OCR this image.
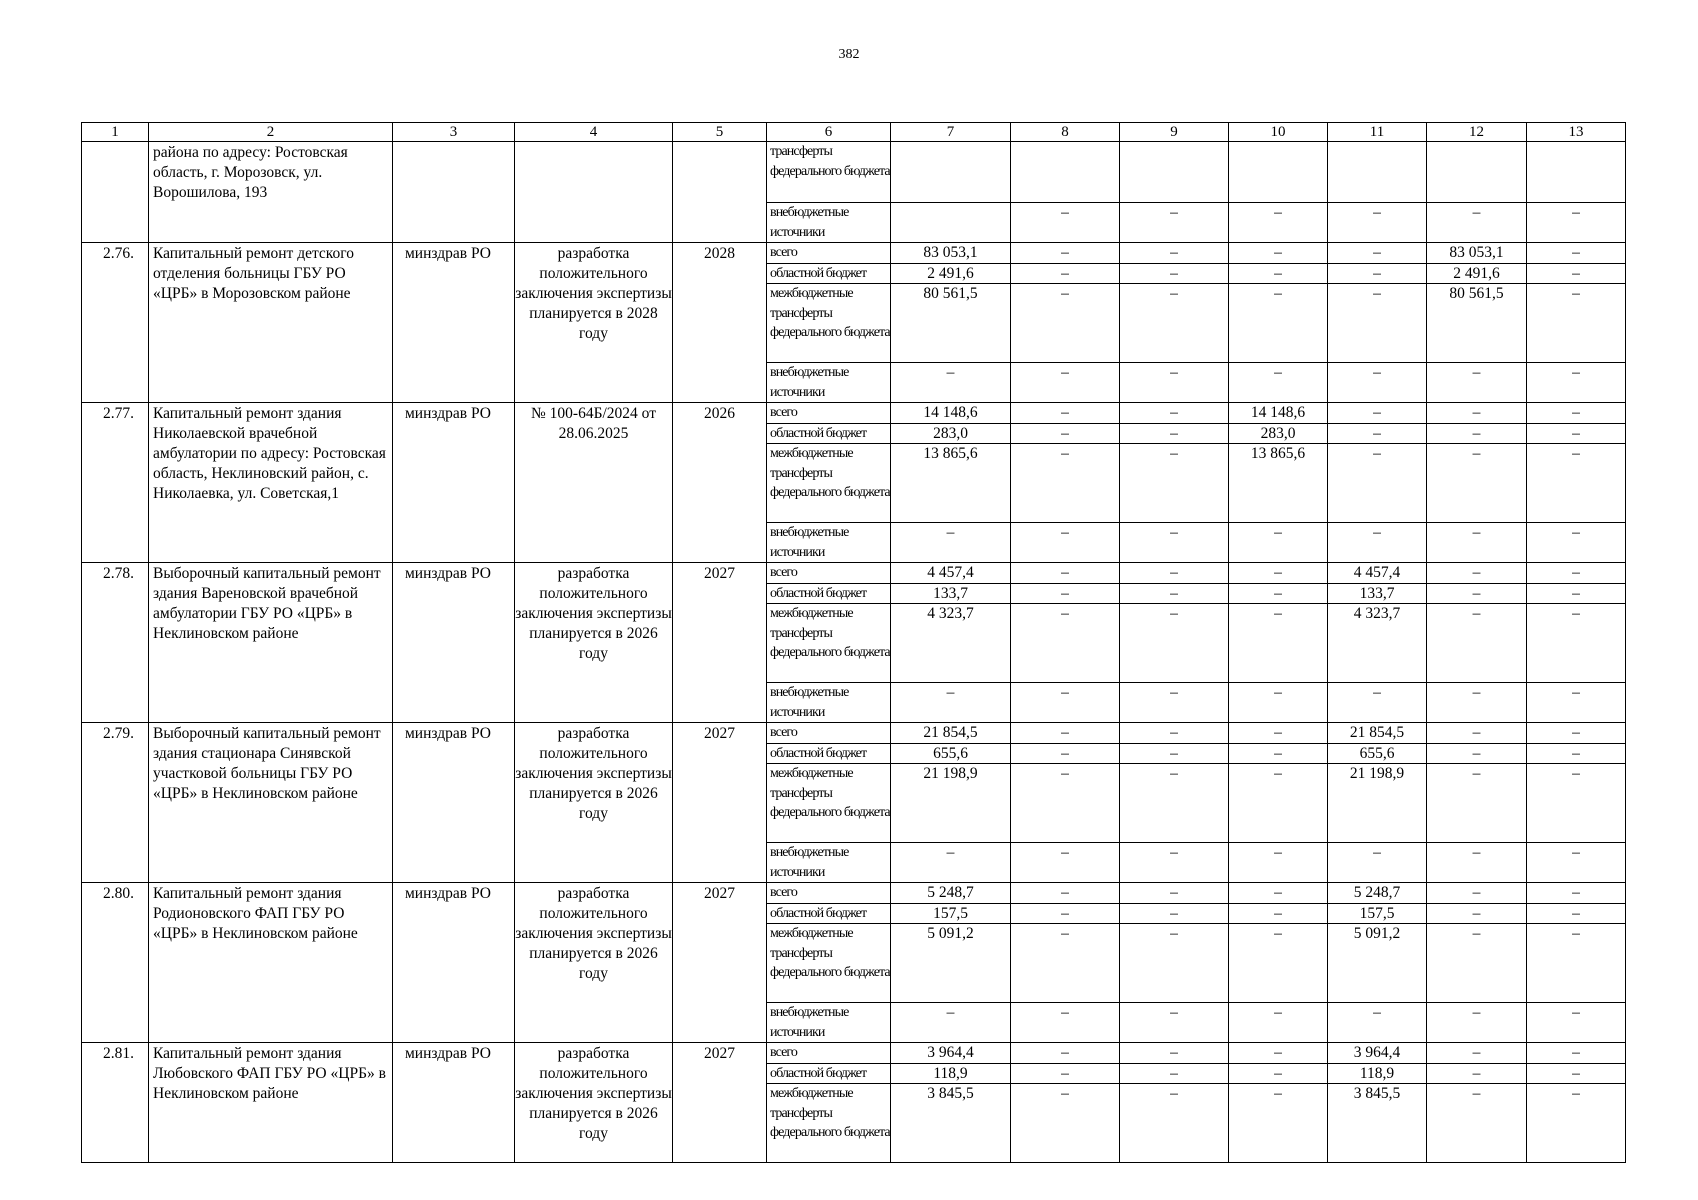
382
1	2	3	4	5	6	7	8	9	10	11	12	13
	района по адресу: Ростовская область, г. Морозовск, ул. Ворошилова, 193				трансферты федерального бюджета							
					внебюджетные источники		–	–	–	–	–	–
2.76.	Капитальный ремонт детского отделения больницы ГБУ РО «ЦРБ» в Морозовском районе	минздрав РО	разработка положительного заключения экспертизы планируется в 2028 году	2028	всего	83 053,1	–	–	–	–	83 053,1	–
					областной бюджет	2 491,6	–	–	–	–	2 491,6	–
					межбюджетные трансферты федерального бюджета	80 561,5	–	–	–	–	80 561,5	–
					внебюджетные источники	–	–	–	–	–	–	–
2.77.	Капитальный ремонт здания Николаевской врачебной амбулатории по адресу: Ростовская область, Неклиновский район, с. Николаевка, ул. Советская,1	минздрав РО	№ 100-64Б/2024 от 28.06.2025	2026	всего	14 148,6	–	–	14 148,6	–	–	–
					областной бюджет	283,0	–	–	283,0	–	–	–
					межбюджетные трансферты федерального бюджета	13 865,6	–	–	13 865,6	–	–	–
					внебюджетные источники	–	–	–	–	–	–	–
2.78.	Выборочный капитальный ремонт здания Вареновской врачебной амбулатории ГБУ РО «ЦРБ» в Неклиновском районе	минздрав РО	разработка положительного заключения экспертизы планируется в 2026 году	2027	всего	4 457,4	–	–	–	4 457,4	–	–
					областной бюджет	133,7	–	–	–	133,7	–	–
					межбюджетные трансферты федерального бюджета	4 323,7	–	–	–	4 323,7	–	–
					внебюджетные источники	–	–	–	–	–	–	–
2.79.	Выборочный капитальный ремонт здания стационара Синявской участковой больницы ГБУ РО «ЦРБ» в Неклиновском районе	минздрав РО	разработка положительного заключения экспертизы планируется в 2026 году	2027	всего	21 854,5	–	–	–	21 854,5	–	–
					областной бюджет	655,6	–	–	–	655,6	–	–
					межбюджетные трансферты федерального бюджета	21 198,9	–	–	–	21 198,9	–	–
					внебюджетные источники	–	–	–	–	–	–	–
2.80.	Капитальный ремонт здания Родионовского ФАП ГБУ РО «ЦРБ» в Неклиновском районе	минздрав РО	разработка положительного заключения экспертизы планируется в 2026 году	2027	всего	5 248,7	–	–	–	5 248,7	–	–
					областной бюджет	157,5	–	–	–	157,5	–	–
					межбюджетные трансферты федерального бюджета	5 091,2	–	–	–	5 091,2	–	–
					внебюджетные источники	–	–	–	–	–	–	–
2.81.	Капитальный ремонт здания Любовского ФАП ГБУ РО «ЦРБ» в Неклиновском районе	минздрав РО	разработка положительного заключения экспертизы планируется в 2026 году	2027	всего	3 964,4	–	–	–	3 964,4	–	–
					областной бюджет	118,9	–	–	–	118,9	–	–
					межбюджетные трансферты федерального бюджета	3 845,5	–	–	–	3 845,5	–	–
